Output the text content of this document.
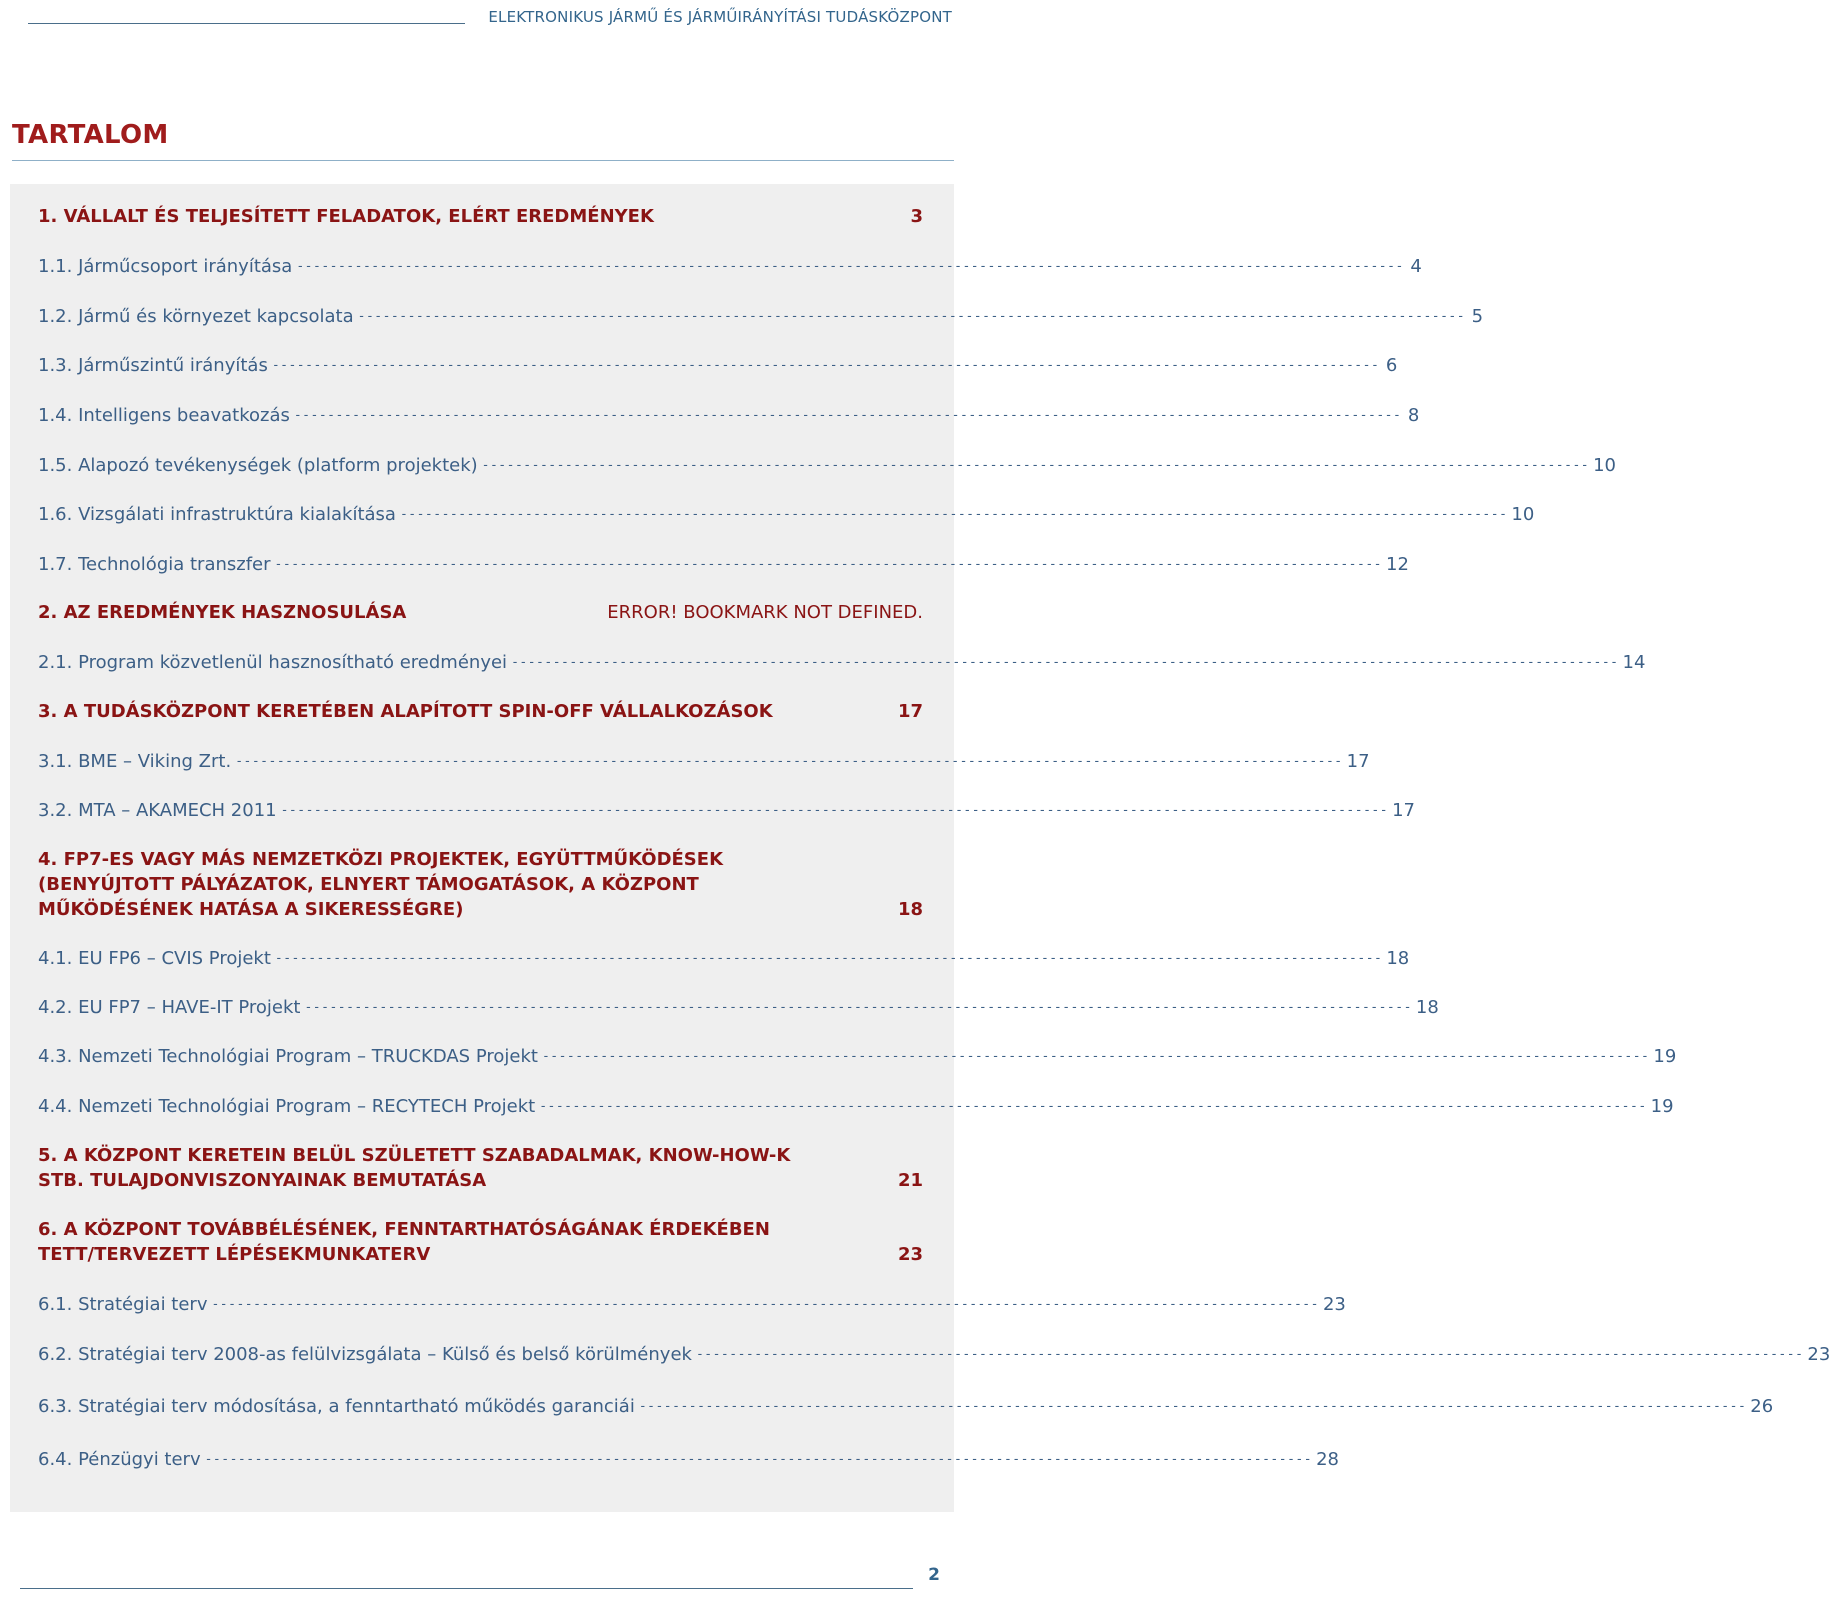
ELEKTRONIKUS JÁRMŰ ÉS JÁRMŰIRÁNYÍTÁSI TUDÁSKÖZPONT
TARTALOM
1. VÁLLALT ÉS TELJESÍTETT FELADATOK, ELÉRT EREDMÉNYEK	3
1.1. Járműcsoport irányítása ------------------------------------------------------------------------------------------------------------------------------------- 4
1.2. Jármű és környezet kapcsolata ------------------------------------------------------------------------------------------------------------------------------------- 5
1.3. Járműszintű irányítás ------------------------------------------------------------------------------------------------------------------------------------- 6
1.4. Intelligens beavatkozás ------------------------------------------------------------------------------------------------------------------------------------- 8
1.5. Alapozó tevékenységek (platform projektek) ------------------------------------------------------------------------------------------------------------------------------------- 10
1.6. Vizsgálati infrastruktúra kialakítása ------------------------------------------------------------------------------------------------------------------------------------- 10
1.7. Technológia transzfer ------------------------------------------------------------------------------------------------------------------------------------- 12
2. AZ EREDMÉNYEK HASZNOSULÁSA	ERROR! BOOKMARK NOT DEFINED.
2.1. Program közvetlenül hasznosítható eredményei ------------------------------------------------------------------------------------------------------------------------------------- 14
3. A TUDÁSKÖZPONT KERETÉBEN ALAPÍTOTT SPIN-OFF VÁLLALKOZÁSOK	17
3.1. BME – Viking Zrt. ------------------------------------------------------------------------------------------------------------------------------------- 17
3.2. MTA – AKAMECH 2011 ------------------------------------------------------------------------------------------------------------------------------------- 17
4. FP7-ES VAGY MÁS NEMZETKÖZI PROJEKTEK, EGYÜTTMŰKÖDÉSEK (BENYÚJTOTT PÁLYÁZATOK, ELNYERT TÁMOGATÁSOK, A KÖZPONT MŰKÖDÉSÉNEK HATÁSA A SIKERESSÉGRE)	18
4.1. EU FP6 – CVIS Projekt ------------------------------------------------------------------------------------------------------------------------------------- 18
4.2. EU FP7 – HAVE-IT Projekt ------------------------------------------------------------------------------------------------------------------------------------- 18
4.3. Nemzeti Technológiai Program – TRUCKDAS Projekt ------------------------------------------------------------------------------------------------------------------------------------- 19
4.4. Nemzeti Technológiai Program – RECYTECH Projekt ------------------------------------------------------------------------------------------------------------------------------------- 19
5. A KÖZPONT KERETEIN BELÜL SZÜLETETT SZABADALMAK, KNOW-HOW-K STB. TULAJDONVISZONYAINAK BEMUTATÁSA	21
6. A KÖZPONT TOVÁBBÉLÉSÉNEK, FENNTARTHATÓSÁGÁNAK ÉRDEKÉBEN TETT/TERVEZETT LÉPÉSEKMUNKATERV	23
6.1. Stratégiai terv ------------------------------------------------------------------------------------------------------------------------------------- 23
6.2. Stratégiai terv 2008-as felülvizsgálata – Külső és belső körülmények ------------------------------------------------------------------------------------------------------------------------------------- 23
6.3. Stratégiai terv módosítása, a fenntartható működés garanciái ------------------------------------------------------------------------------------------------------------------------------------- 26
6.4. Pénzügyi terv ------------------------------------------------------------------------------------------------------------------------------------- 28
2
